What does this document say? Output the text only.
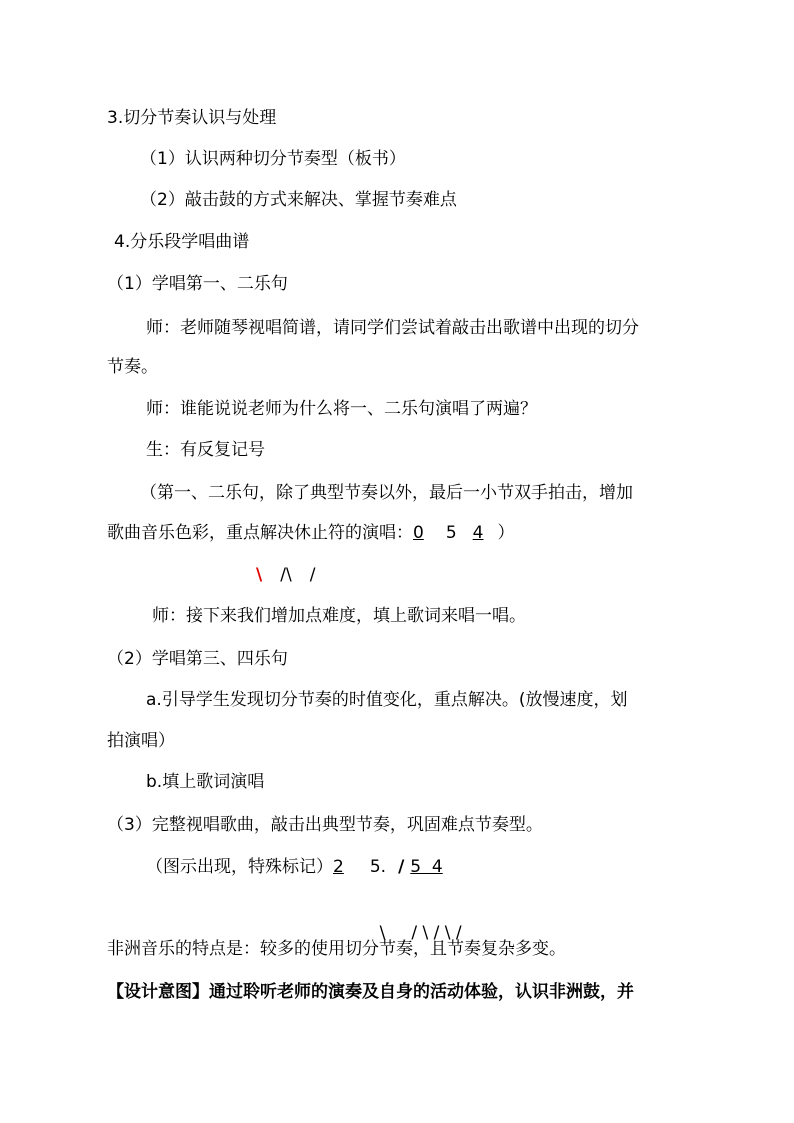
3.切分节奏认识与处理
（1）认识两种切分节奏型（板书）
（2）敲击鼓的方式来解决、掌握节奏难点
4.分乐段学唱曲谱
（1）学唱第一、二乐句
师：老师随琴视唱简谱，请同学们尝试着敲击出歌谱中出现的切分
节奏。
师：谁能说说老师为什么将一、二乐句演唱了两遍？
生：有反复记号
（第一、二乐句，除了典型节奏以外，最后一小节双手拍击，增加
歌曲音乐色彩，重点解决休止符的演唱：0 5 4 ）
\ /\ /
师：接下来我们增加点难度，填上歌词来唱一唱。
（2）学唱第三、四乐句
a.引导学生发现切分节奏的时值变化，重点解决。(放慢速度，划
拍演唱）
b.填上歌词演唱
（3）完整视唱歌曲，敲击出典型节奏，巩固难点节奏型。
（图示出现，特殊标记）2 5. / 5  4

\ / \ / \ /

非洲音乐的特点是：较多的使用切分节奏，且节奏复杂多变。
【设计意图】通过聆听老师的演奏及自身的活动体验，认识非洲鼓，并
